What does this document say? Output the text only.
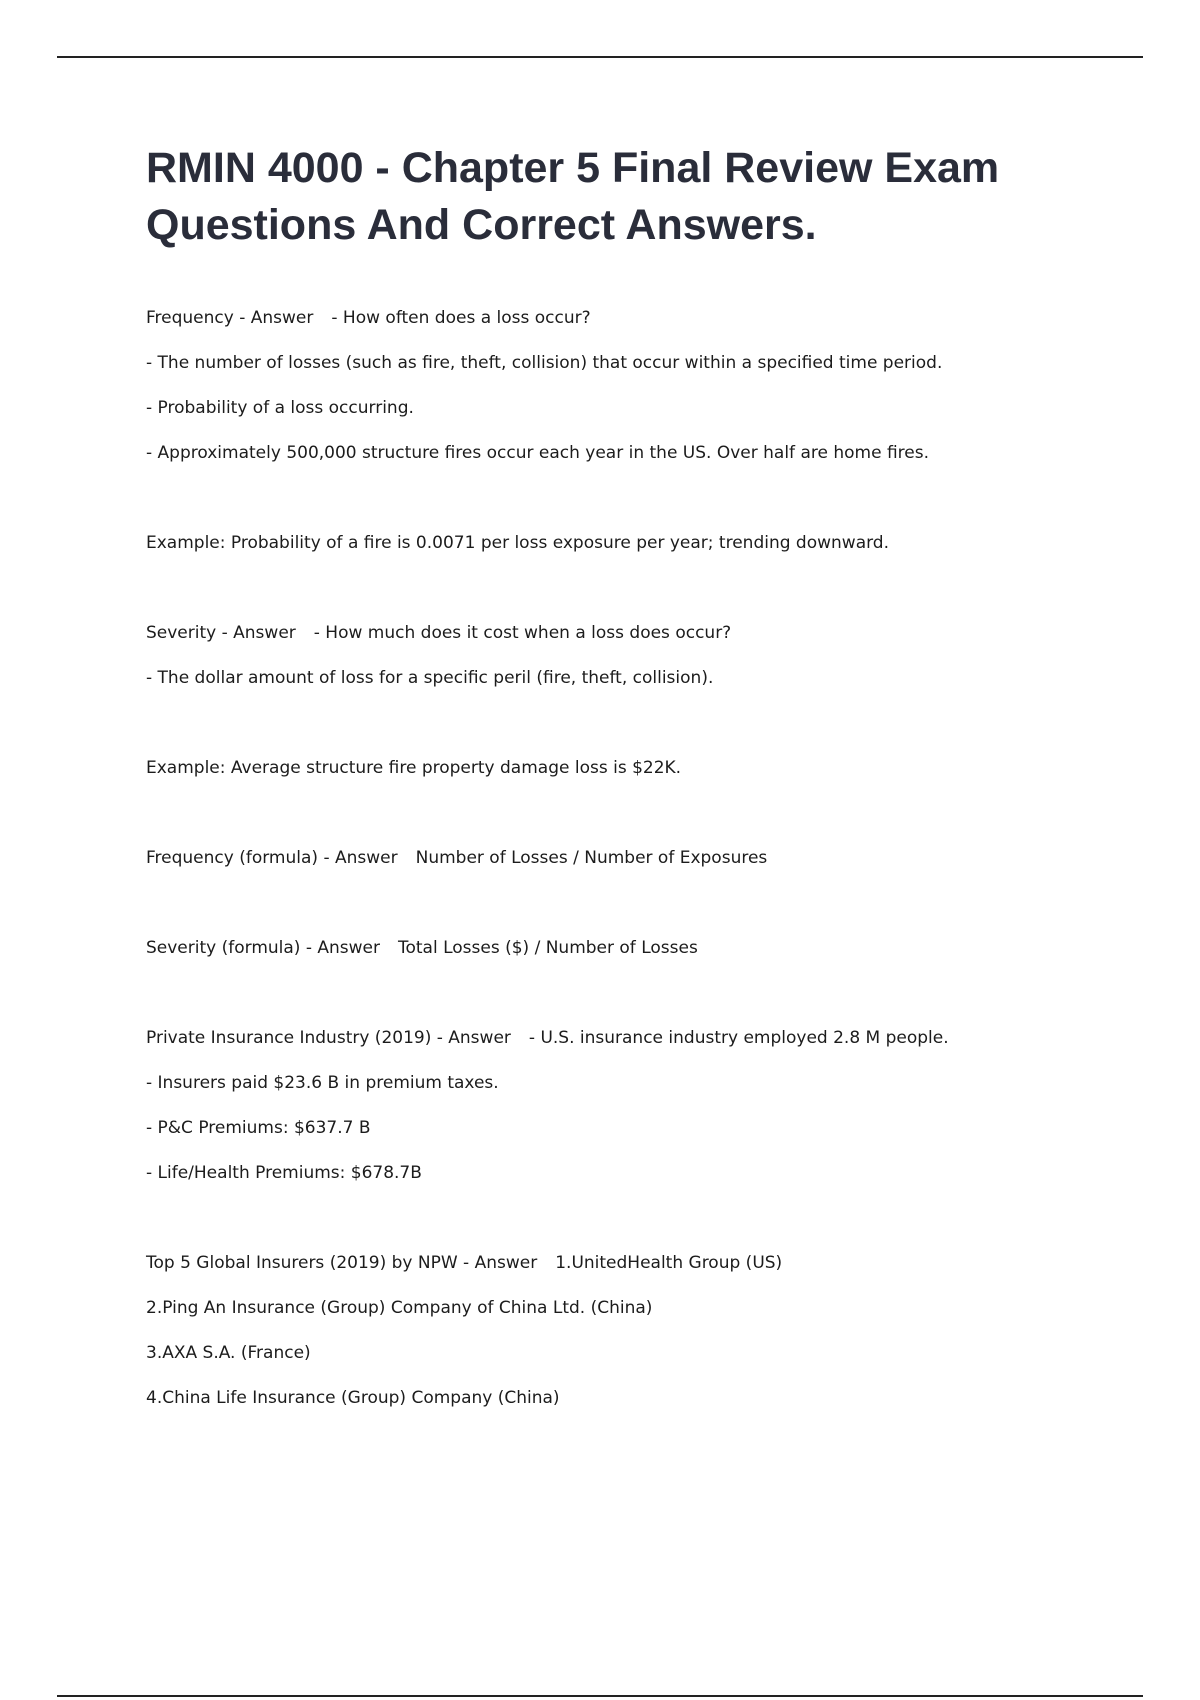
RMIN 4000 - Chapter 5 Final Review Exam Questions And Correct Answers.
Frequency - Answer - How often does a loss occur?
- The number of losses (such as fire, theft, collision) that occur within a specified time period.
- Probability of a loss occurring.
- Approximately 500,000 structure fires occur each year in the US. Over half are home fires.
Example: Probability of a fire is 0.0071 per loss exposure per year; trending downward.
Severity - Answer - How much does it cost when a loss does occur?
- The dollar amount of loss for a specific peril (fire, theft, collision).
Example: Average structure fire property damage loss is $22K.
Frequency (formula) - Answer Number of Losses / Number of Exposures
Severity (formula) - Answer Total Losses ($) / Number of Losses
Private Insurance Industry (2019) - Answer - U.S. insurance industry employed 2.8 M people.
- Insurers paid $23.6 B in premium taxes.
- P&C Premiums: $637.7 B
- Life/Health Premiums: $678.7B
Top 5 Global Insurers (2019) by NPW - Answer 1.UnitedHealth Group (US)
2.Ping An Insurance (Group) Company of China Ltd. (China)
3.AXA S.A. (France)
4.China Life Insurance (Group) Company (China)
